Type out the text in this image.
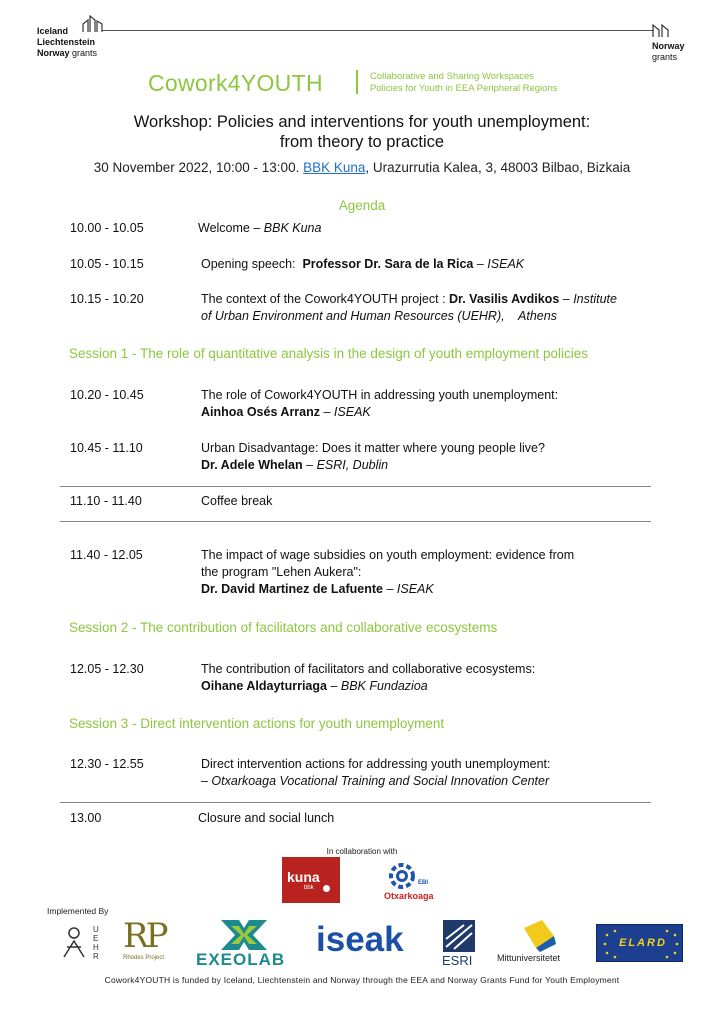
Iceland
Liechtenstein
Norway grants
Norway
grants
Cowork4YOUTH	Collaborative and Sharing Workspaces
Policies for Youth in EEA Peripheral Regions
Workshop: Policies and interventions for youth unemployment:
from theory to practice
30 November 2022, 10:00 - 13:00. BBK Kuna, Urazurrutia Kalea, 3, 48003 Bilbao, Bizkaia
Agenda
10.00 - 10.05	Welcome – BBK Kuna
10.05 - 10.15	Opening speech:  Professor Dr. Sara de la Rica – ISEAK
10.15 - 10.20	The context of the Cowork4YOUTH project : Dr. Vasilis Avdikos – Institute
of Urban Environment and Human Resources (UEHR),    Athens
Session 1 - The role of quantitative analysis in the design of youth employment policies
10.20 - 10.45	The role of Cowork4YOUTH in addressing youth unemployment:
Ainhoa Osés Arranz – ISEAK
10.45 - 11.10	Urban Disadvantage: Does it matter where young people live?
Dr. Adele Whelan – ESRI, Dublin
11.10 - 11.40	Coffee break
11.40 - 12.05	The impact of wage subsidies on youth employment: evidence from
the program "Lehen Aukera":
Dr. David Martinez de Lafuente – ISEAK
Session 2 - The contribution of facilitators and collaborative ecosystems
12.05 - 12.30	The contribution of facilitators and collaborative ecosystems:
Oihane Aldayturriaga – BBK Fundazioa
Session 3 - Direct intervention actions for youth unemployment
12.30 - 12.55	Direct intervention actions for addressing youth unemployment:
– Otxarkoaga Vocational Training and Social Innovation Center
13.00	Closure and social lunch
In collaboration with
kuna
bbk
EBI
Otxarkoaga
Implemented By
UEHR
RP
Rhodes Project EXEOLAB
iseak
ESRI	Mittuniversitetet
ELARD
Cowork4YOUTH is funded by Iceland, Liechtenstein and Norway through the EEA and Norway Grants Fund for Youth Employment
